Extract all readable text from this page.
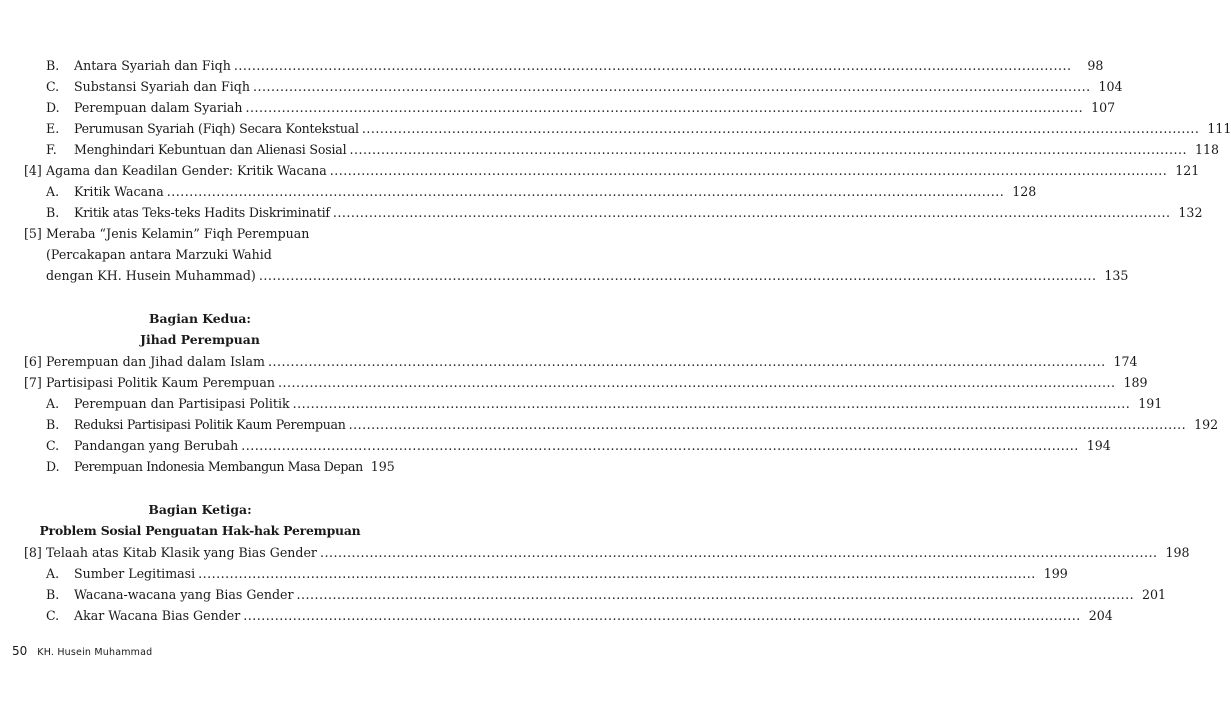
B.	Antara Syariah dan Fiqh .....	98
C.	Substansi Syariah dan Fiqh .....	104
D.	Perempuan dalam Syariah .....	107
E.	Perumusan Syariah (Fiqh) Secara Kontekstual .....	111
F.	Menghindari Kebuntuan dan Alienasi Sosial .....	118
[4] Agama dan Keadilan Gender: Kritik Wacana .....	121
A.	Kritik Wacana .....	128
B.	Kritik atas Teks-teks Hadits Diskriminatif .....	132
[5] Meraba “Jenis Kelamin” Fiqh Perempuan
(Percakapan antara Marzuki Wahid
dengan KH. Husein Muhammad) .....	135
Bagian Kedua:
Jihad Perempuan
[6] Perempuan dan Jihad dalam Islam .....	174
[7] Partisipasi Politik Kaum Perempuan .....	189
A.	Perempuan dan Partisipasi Politik .....	191
B.	Reduksi Partisipasi Politik Kaum Perempuan .....	192
C.	Pandangan yang Berubah .....	194
D.	Perempuan Indonesia Membangun Masa Depan 195
Bagian Ketiga:
Problem Sosial Penguatan Hak-hak Perempuan
[8] Telaah atas Kitab Klasik yang Bias Gender .....	198
A.	Sumber Legitimasi .....	199
B.	Wacana-wacana yang Bias Gender .....	201
C.	Akar Wacana Bias Gender .....	204
50 KH. Husein Muhammad
